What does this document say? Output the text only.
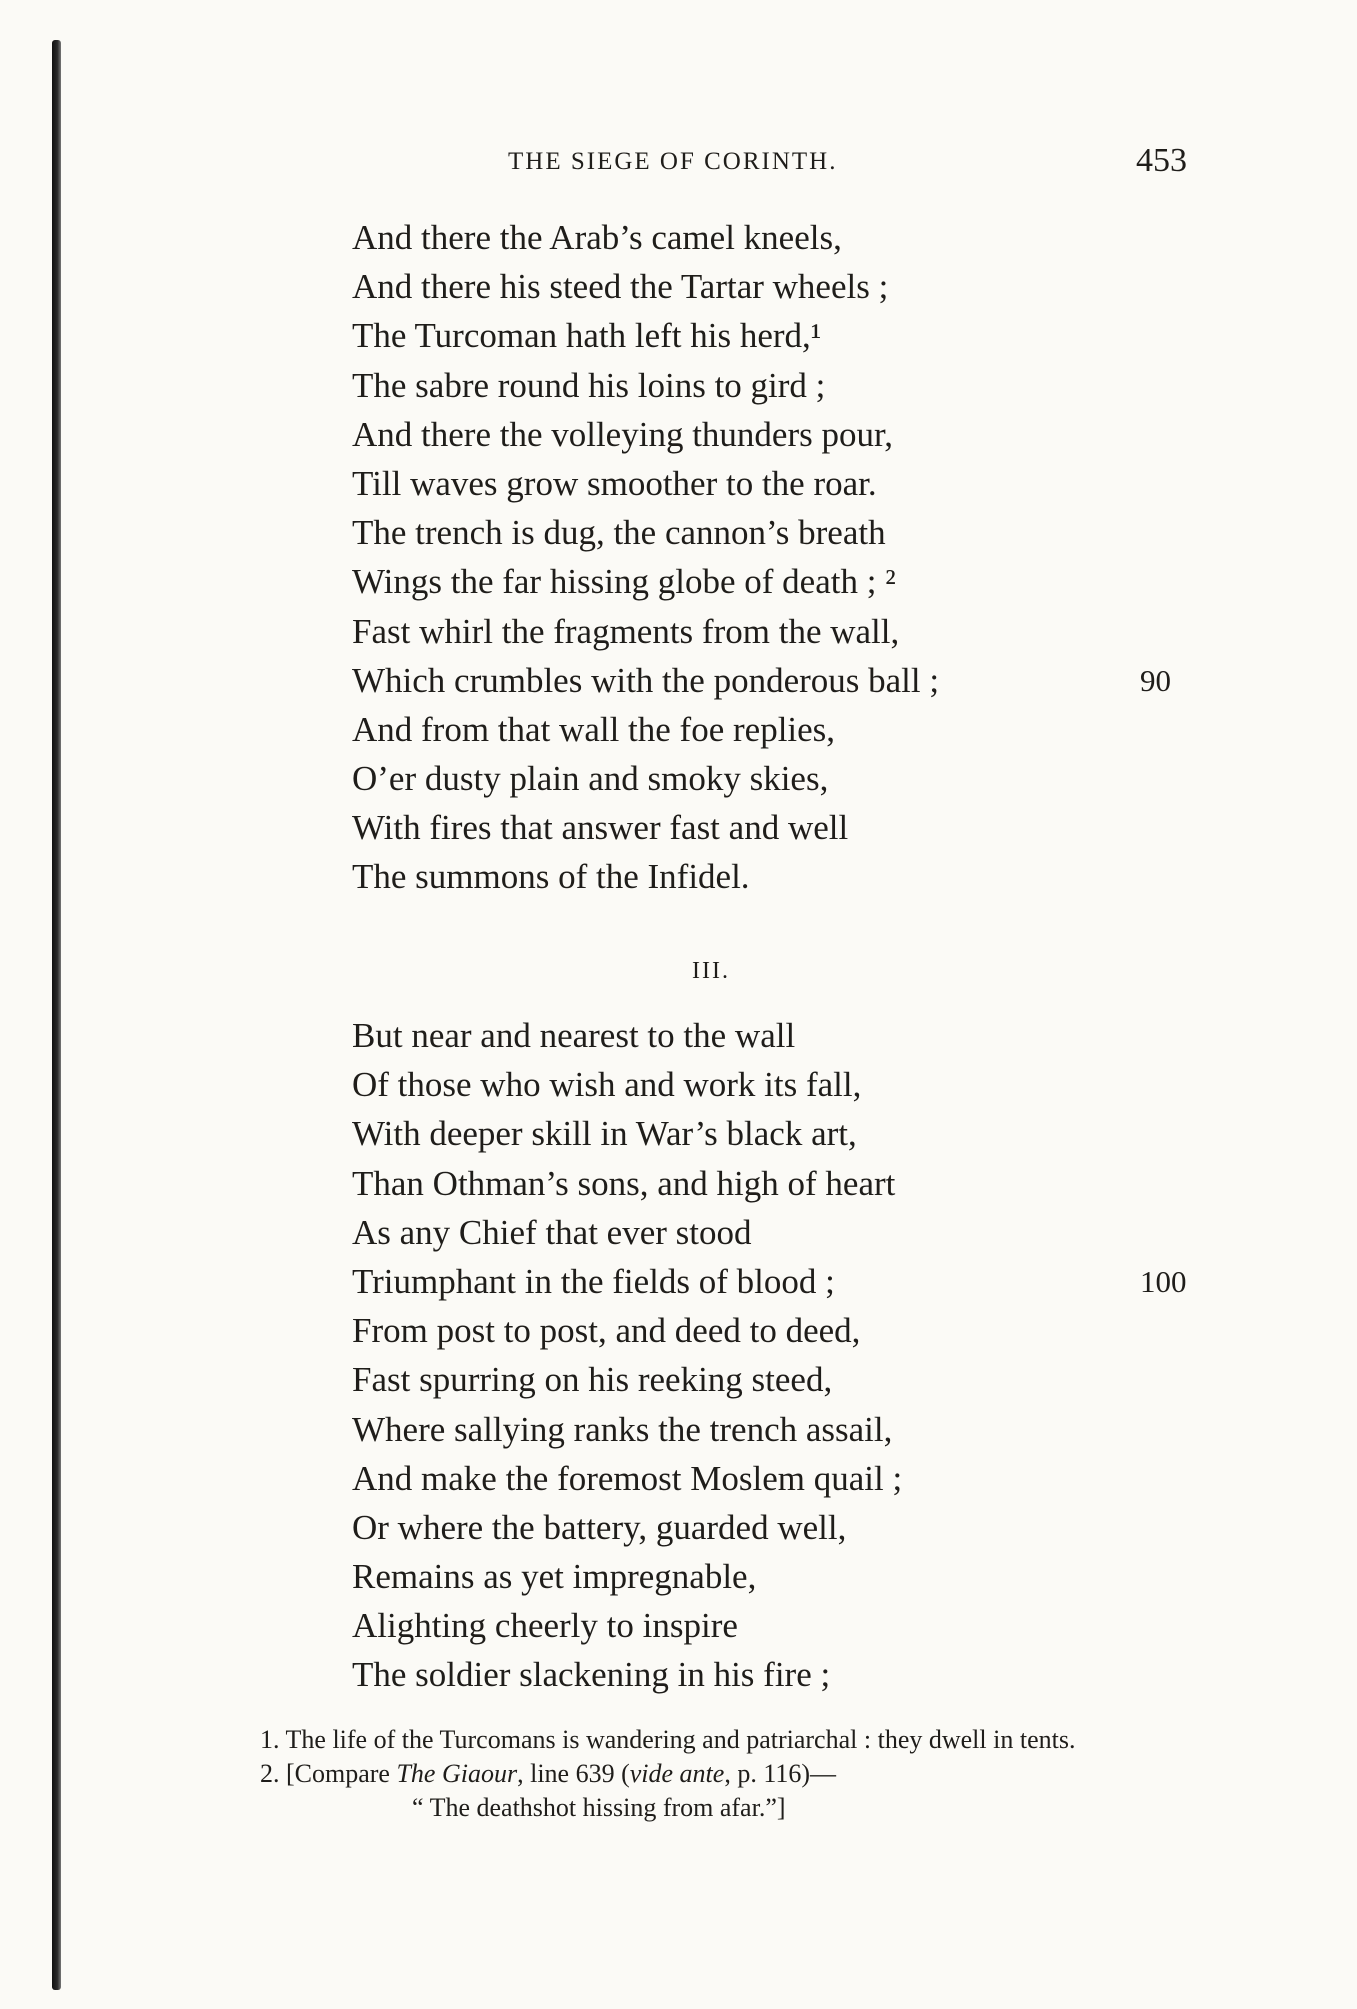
THE SIEGE OF CORINTH.	453
And there the Arab’s camel kneels,
And there his steed the Tartar wheels ;
The Turcoman hath left his herd,¹
The sabre round his loins to gird ;
And there the volleying thunders pour,
Till waves grow smoother to the roar.
The trench is dug, the cannon’s breath
Wings the far hissing globe of death ; ²
Fast whirl the fragments from the wall,
Which crumbles with the ponderous ball ;	90
And from that wall the foe replies,
O’er dusty plain and smoky skies,
With fires that answer fast and well
The summons of the Infidel.
III.
But near and nearest to the wall
Of those who wish and work its fall,
With deeper skill in War’s black art,
Than Othman’s sons, and high of heart
As any Chief that ever stood
Triumphant in the fields of blood ;	100
From post to post, and deed to deed,
Fast spurring on his reeking steed,
Where sallying ranks the trench assail,
And make the foremost Moslem quail ;
Or where the battery, guarded well,
Remains as yet impregnable,
Alighting cheerly to inspire
The soldier slackening in his fire ;

1. The life of the Turcomans is wandering and patriarchal : they dwell in tents.

2. [Compare The Giaour, line 639 (vide ante, p. 116)—

“ The deathshot hissing from afar.”]
